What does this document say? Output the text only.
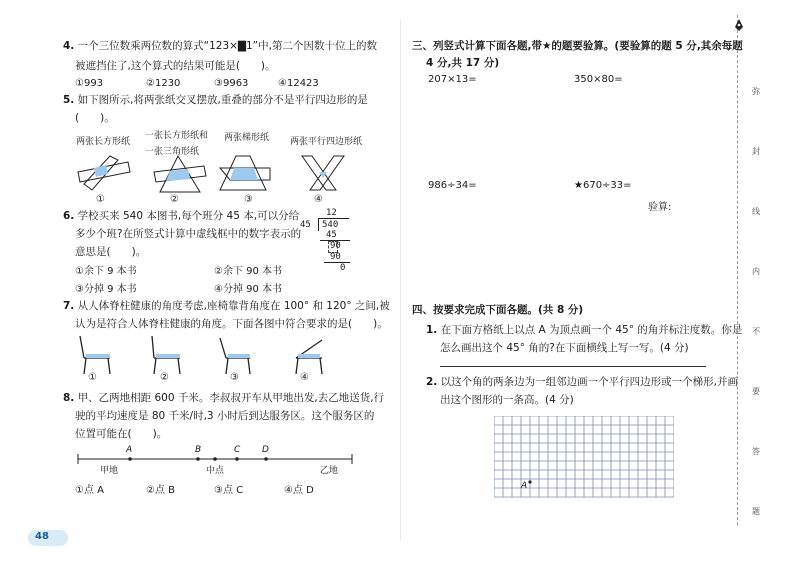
4. 一个三位数乘两位数的算式“123×▇1”中,第二个因数十位上的数
被遮挡住了,这个算式的结果可能是(　　)。
①993	②1230	③9963	④12423
5. 如下图所示,将两张纸交叉摆放,重叠的部分不是平行四边形的是
(　　)。
两张长方形纸
一张长方形纸和
一张三角形纸
两张梯形纸 两张平行四边形纸
①	②	③	④
6. 学校买来 540 本图书,每个班分 45 本,可以分给
多少个班?在所竖式计算中虚线框中的数字表示的
意思是(　　)。
12
45 540
45
90
90
0
①余下 9 本书	②余下 90 本书
③分掉 9 本书	④分掉 90 本书
7. 从人体脊柱健康的角度考虑,座椅靠背角度在 100° 和 120° 之间,被
认为是符合人体脊柱健康的角度。下面各图中符合要求的是(　　)。
①	②	③	④
8. 甲、乙两地相距 600 千米。李叔叔开车从甲地出发,去乙地送货,行
驶的平均速度是 80 千米/时,3 小时后到达服务区。这个服务区的
位置可能在(　　)。
A	B	C D
甲地	中点	乙地
①点 A	②点 B	③点 C	④点 D
48
三、列竖式计算下面各题,带★的题要验算。(要验算的题 5 分,其余每题
4 分,共 17 分)
207×13=	350×80=
986÷34=	★670÷33=
验算:
四、按要求完成下面各题。(共 8 分)
1. 在下面方格纸上以点 A 为顶点画一个 45° 的角并标注度数。你是
怎么画出这个 45° 角的?在下面横线上写一写。(4 分)
2. 以这个角的两条边为一组邻边画一个平行四边形或一个梯形,并画
出这个图形的一条高。(4 分)
A
弥
封
线
内
不
要
答
题
